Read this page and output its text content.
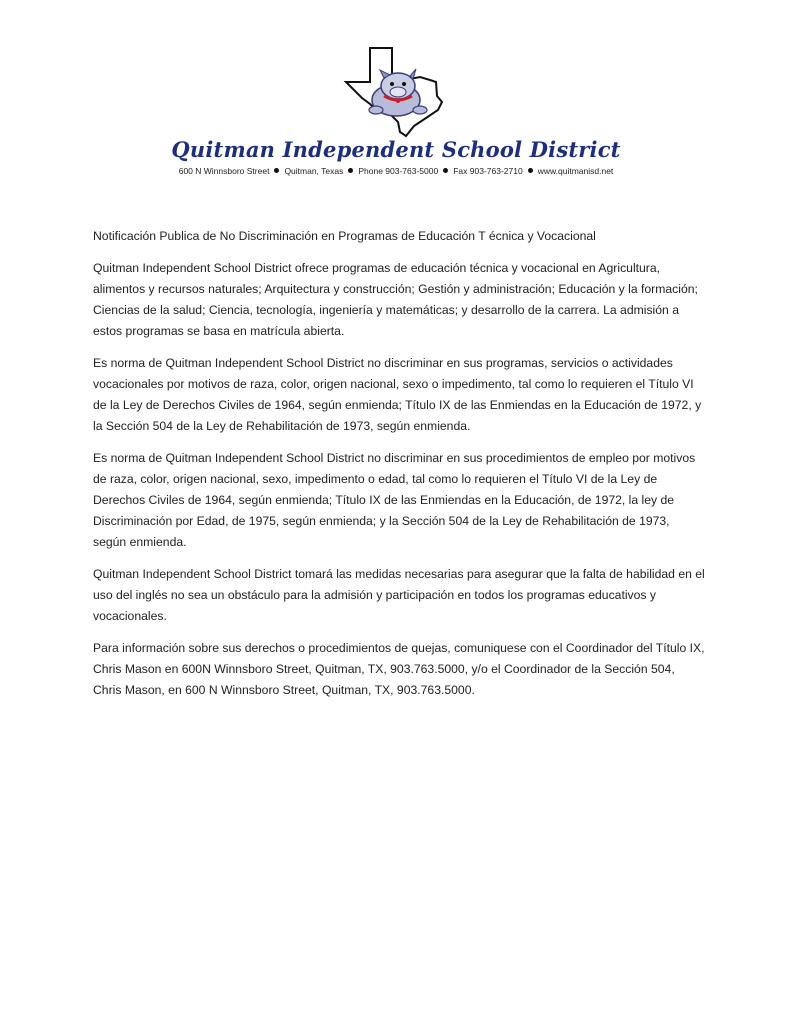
Quitman Independent School District
600 N Winnsboro Street Quitman, Texas Phone 903-763-5000 Fax 903-763-2710 www.quitmanisd.net

Notificación Publica de No Discriminación en Programas de Educación T écnica y Vocacional

Quitman Independent School District ofrece programas de educación técnica y vocacional en Agricultura, alimentos y recursos naturales; Arquitectura y construcción; Gestión y administración; Educación y la formación; Ciencias de la salud; Ciencia, tecnología, ingeniería y matemáticas; y desarrollo de la carrera. La admisión a estos programas se basa en matrícula abierta.

Es norma de Quitman Independent School District no discriminar en sus programas, servicios o actividades vocacionales por motivos de raza, color, origen nacional, sexo o impedimento, tal como lo requieren el Título VI de la Ley de Derechos Civiles de 1964, según enmienda; Título IX de las Enmiendas en la Educación de 1972, y la Sección 504 de la Ley de Rehabilitación de 1973, según enmienda.

Es norma de Quitman Independent School District no discriminar en sus procedimientos de empleo por motivos de raza, color, origen nacional, sexo, impedimento o edad, tal como lo requieren el Título VI de la Ley de Derechos Civiles de 1964, según enmienda; Título IX de las Enmiendas en la Educación, de 1972, la ley de Discriminación por Edad, de 1975, según enmienda; y la Sección 504 de la Ley de Rehabilitación de 1973, según enmienda.

Quitman Independent School District tomará las medidas necesarias para asegurar que la falta de habilidad en el uso del inglés no sea un obstáculo para la admisión y participación en todos los programas educativos y vocacionales.

Para información sobre sus derechos o procedimientos de quejas, comuniquese con el Coordinador del Título IX, Chris Mason en 600N Winnsboro Street, Quitman, TX, 903.763.5000, y/o el Coordinador de la Sección 504, Chris Mason, en 600 N Winnsboro Street, Quitman, TX, 903.763.5000.
